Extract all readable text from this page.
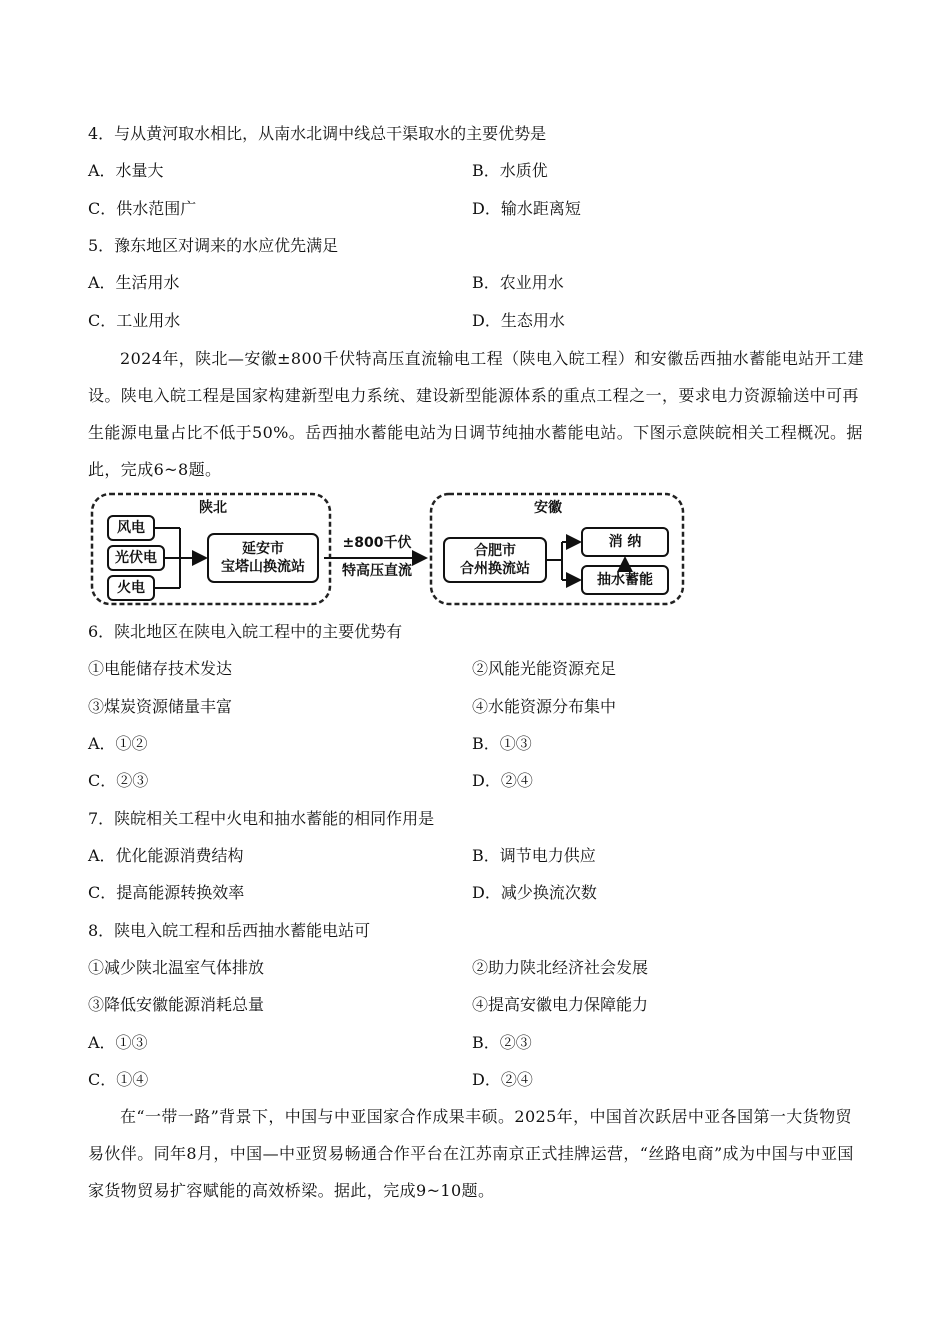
4．与从黄河取水相比，从南水北调中线总干渠取水的主要优势是
A．水量大	B．水质优
C．供水范围广	D．输水距离短
5．豫东地区对调来的水应优先满足
A．生活用水	B．农业用水
C．工业用水	D．生态用水
2024年，陕北—安徽±800千伏特高压直流输电工程（陕电入皖工程）和安徽岳西抽水蓄能电站开工建设。陕电入皖工程是国家构建新型电力系统、建设新型能源体系的重点工程之一，要求电力资源输送中可再生能源电量占比不低于50%。岳西抽水蓄能电站为日调节纯抽水蓄能电站。下图示意陕皖相关工程概况。据此，完成6~8题。
陕北	安徽
风电
光伏电
火电
延安市
宝塔山换流站
±800千伏
特高压直流
合肥市
合州换流站
消 纳
抽水蓄能
6．陕北地区在陕电入皖工程中的主要优势有
①电能储存技术发达	②风能光能资源充足
③煤炭资源储量丰富	④水能资源分布集中
A．①②	B．①③
C．②③	D．②④
7．陕皖相关工程中火电和抽水蓄能的相同作用是
A．优化能源消费结构	B．调节电力供应
C．提高能源转换效率	D．减少换流次数
8．陕电入皖工程和岳西抽水蓄能电站可
①减少陕北温室气体排放	②助力陕北经济社会发展
③降低安徽能源消耗总量	④提高安徽电力保障能力
A．①③	B．②③
C．①④	D．②④
在“一带一路”背景下，中国与中亚国家合作成果丰硕。2025年，中国首次跃居中亚各国第一大货物贸易伙伴。同年8月，中国—中亚贸易畅通合作平台在江苏南京正式挂牌运营，“丝路电商”成为中国与中亚国家货物贸易扩容赋能的高效桥梁。据此，完成9~10题。
